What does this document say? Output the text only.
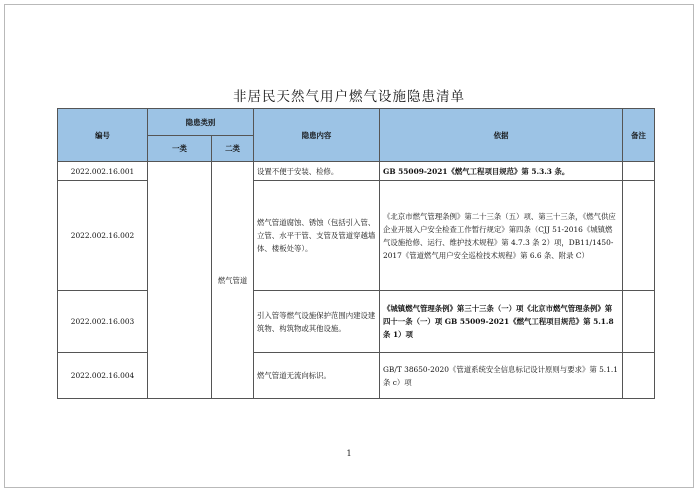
非居民天然气用户燃气设施隐患清单
编号	隐患类别		隐患内容	依据	备注
	一类	二类			
2022.002.16.001		燃气管道	设置不便于安装、检修。	GB 55009-2021《燃气工程项目规范》第 5.3.3 条。	
2022.002.16.002			燃气管道腐蚀、锈蚀（包括引入管、立管、水平干管、支管及管道穿越墙体、楼板处等）。	《北京市燃气管理条例》第二十三条（五）项、第三十三条，《燃气供应企业开展入户安全检查工作暂行规定》第四条（CJJ 51-2016《城镇燃气设施抢修、运行、维护技术规程》第 4.7.3 条 2）项，DB11/1450-2017《管道燃气用户安全巡检技术规程》第 6.6 条、附录 C）	
2022.002.16.003			引入管等燃气设施保护范围内建设建筑物、构筑物或其他设施。	《城镇燃气管理条例》第三十三条（一）项《北京市燃气管理条例》第四十一条（一）项 GB 55009-2021《燃气工程项目规范》第 5.1.8 条 1）项	
2022.002.16.004			燃气管道无流向标识。	GB/T 38650-2020《管道系统安全信息标记设计原则与要求》第 5.1.1 条 c）项	
1
